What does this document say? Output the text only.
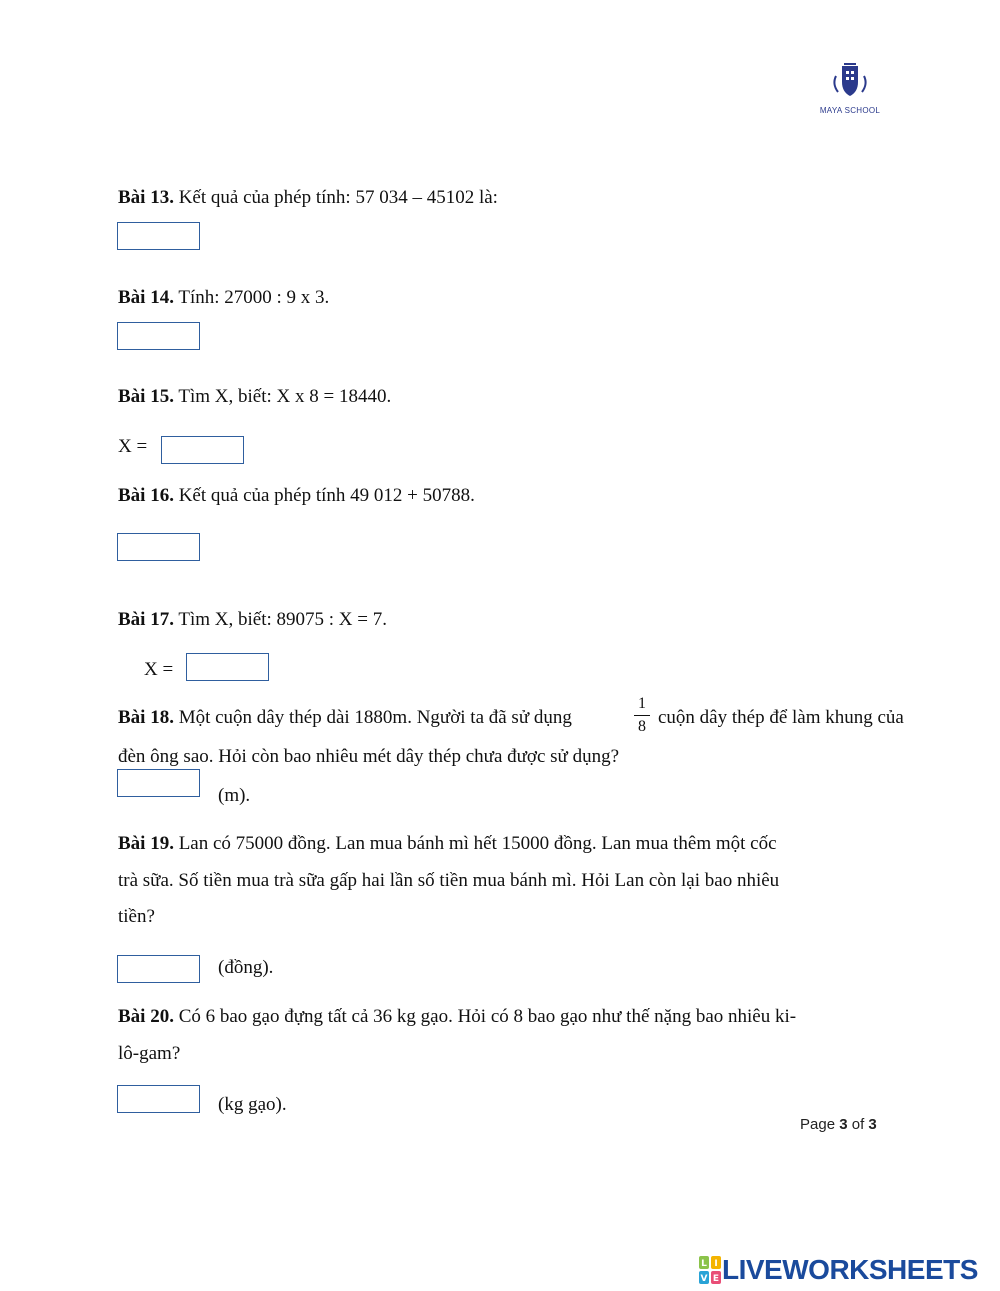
MAYA SCHOOL
Bài 13. Kết quả của phép tính: 57 034 – 45102 là:
Bài 14. Tính: 27000 : 9 x 3.
Bài 15. Tìm X, biết: X x 8 = 18440.
X =
Bài 16. Kết quả của phép tính 49 012 + 50788.
Bài 17. Tìm X, biết: 89075 : X = 7.
X =
Bài 18. Một cuộn dây thép dài 1880m. Người ta đã sử dụng
1
8 cuộn dây thép để làm khung của
đèn ông sao. Hỏi còn bao nhiêu mét dây thép chưa được sử dụng?
(m).
Bài 19. Lan có 75000 đồng. Lan mua bánh mì hết 15000 đồng. Lan mua thêm một cốc
trà sữa. Số tiền mua trà sữa gấp hai lần số tiền mua bánh mì. Hỏi Lan còn lại bao nhiêu
tiền?
(đồng).
Bài 20. Có 6 bao gạo đựng tất cả 36 kg gạo. Hỏi có 8 bao gạo như thế nặng bao nhiêu ki-
lô-gam?
(kg gạo).
Page 3 of 3
L I
V E LIVEWORKSHEETS
